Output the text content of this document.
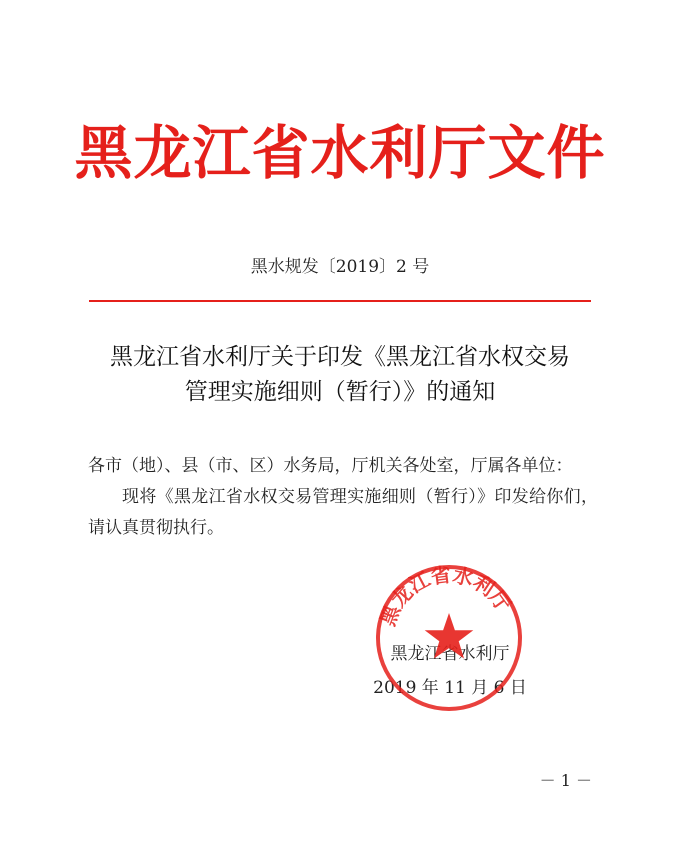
黑龙江省水利厅文件
黑水规发〔2019〕2 号
黑龙江省水利厅关于印发《黑龙江省水权交易
管理实施细则（暂行）》的通知

各市（地）、县（市、区）水务局，厅机关各处室，厅属各单位：

现将《黑龙江省水权交易管理实施细则（暂行）》印发给你们，请认真贯彻执行。

黑龙江省水利厅
2019 年 11 月 6 日
黑龙江省水利厅
－ 1 －
